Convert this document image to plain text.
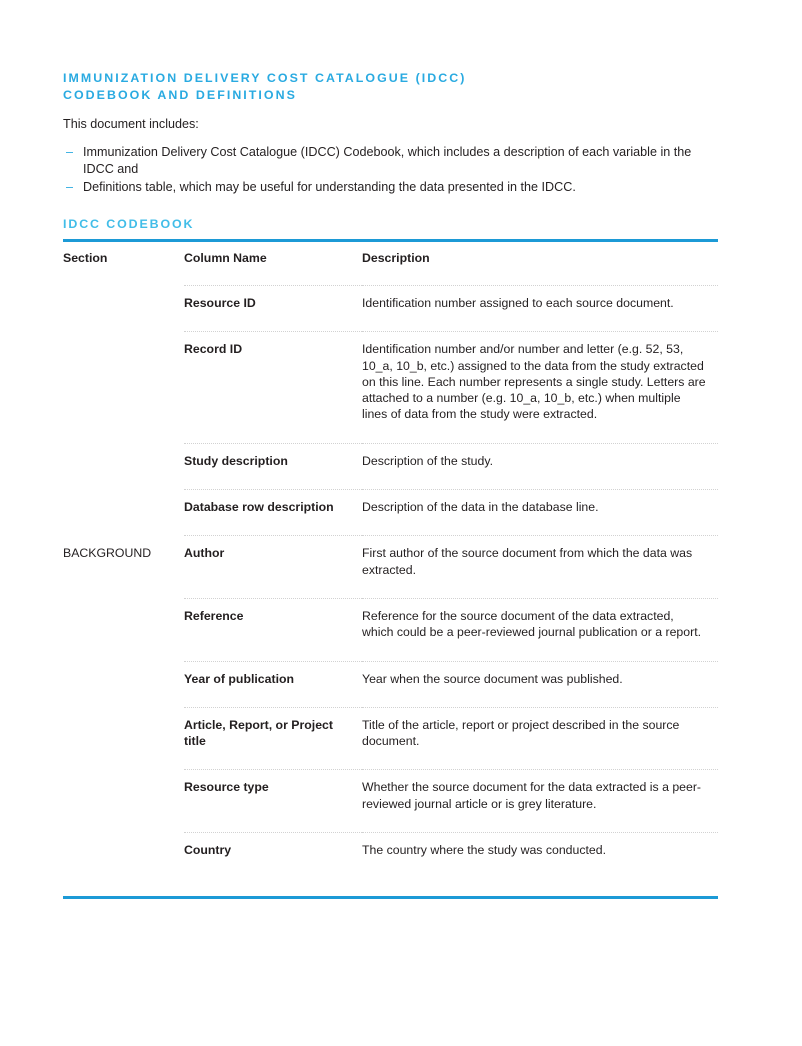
IMMUNIZATION DELIVERY COST CATALOGUE (IDCC)
CODEBOOK AND DEFINITIONS

This document includes:

– Immunization Delivery Cost Catalogue (IDCC) Codebook, which includes a description of each variable in the IDCC and
– Definitions table, which may be useful for understanding the data presented in the IDCC.
IDCC CODEBOOK
Section	Column Name	Description
	Resource ID	Identification number assigned to each source document.
	Record ID	Identification number and/or number and letter (e.g. 52, 53, 10_a, 10_b, etc.) assigned to the data from the study extracted on this line. Each number represents a single study. Letters are attached to a number (e.g. 10_a, 10_b, etc.) when multiple lines of data from the study were extracted.
	Study description	Description of the study.
	Database row description	Description of the data in the database line.
BACKGROUND	Author	First author of the source document from which the data was extracted.
	Reference	Reference for the source document of the data extracted, which could be a peer-reviewed journal publication or a report.
	Year of publication	Year when the source document was published.
	Article, Report, or Project title	Title of the article, report or project described in the source document.
	Resource type	Whether the source document for the data extracted is a peer-reviewed journal article or is grey literature.
	Country	The country where the study was conducted.
